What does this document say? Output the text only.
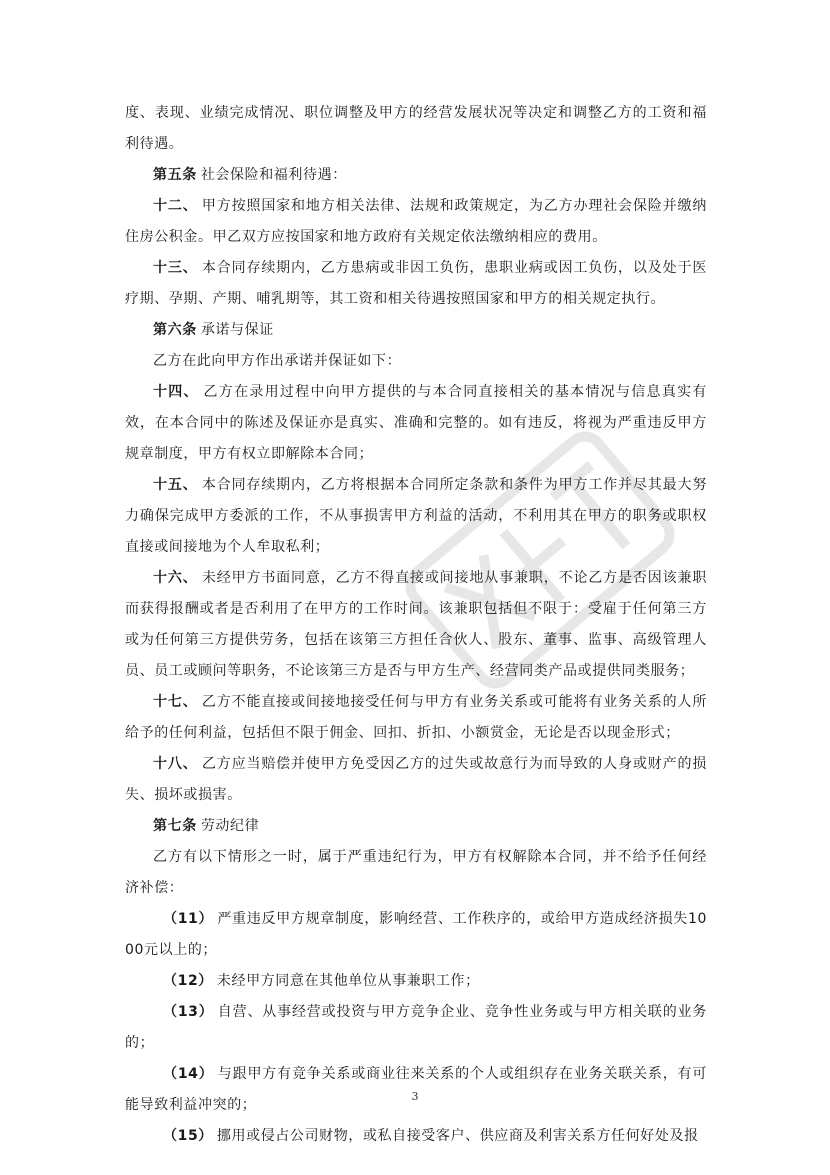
度、表现、业绩完成情况、职位调整及甲方的经营发展状况等决定和调整乙方的工资和福利待遇。

第五条 社会保险和福利待遇：

十二、 甲方按照国家和地方相关法律、法规和政策规定，为乙方办理社会保险并缴纳住房公积金。甲乙双方应按国家和地方政府有关规定依法缴纳相应的费用。

十三、 本合同存续期内，乙方患病或非因工负伤，患职业病或因工负伤，以及处于医疗期、孕期、产期、哺乳期等，其工资和相关待遇按照国家和甲方的相关规定执行。

第六条 承诺与保证

乙方在此向甲方作出承诺并保证如下：

十四、 乙方在录用过程中向甲方提供的与本合同直接相关的基本情况与信息真实有效，在本合同中的陈述及保证亦是真实、准确和完整的。如有违反，将视为严重违反甲方规章制度，甲方有权立即解除本合同；

十五、 本合同存续期内，乙方将根据本合同所定条款和条件为甲方工作并尽其最大努力确保完成甲方委派的工作，不从事损害甲方利益的活动，不利用其在甲方的职务或职权直接或间接地为个人牟取私利；

十六、 未经甲方书面同意，乙方不得直接或间接地从事兼职，不论乙方是否因该兼职而获得报酬或者是否利用了在甲方的工作时间。该兼职包括但不限于：受雇于任何第三方或为任何第三方提供劳务，包括在该第三方担任合伙人、股东、董事、监事、高级管理人员、员工或顾问等职务，不论该第三方是否与甲方生产、经营同类产品或提供同类服务；

十七、 乙方不能直接或间接地接受任何与甲方有业务关系或可能将有业务关系的人所给予的任何利益，包括但不限于佣金、回扣、折扣、小额赏金，无论是否以现金形式；

十八、 乙方应当赔偿并使甲方免受因乙方的过失或故意行为而导致的人身或财产的损失、损坏或损害。

第七条 劳动纪律

乙方有以下情形之一时，属于严重违纪行为，甲方有权解除本合同，并不给予任何经济补偿：

（11） 严重违反甲方规章制度，影响经营、工作秩序的，或给甲方造成经济损失1000元以上的；

（12） 未经甲方同意在其他单位从事兼职工作；

（13） 自营、从事经营或投资与甲方竞争企业、竞争性业务或与甲方相关联的业务的；

（14） 与跟甲方有竞争关系或商业往来关系的个人或组织存在业务关联关系，有可能导致利益冲突的；

（15） 挪用或侵占公司财物，或私自接受客户、供应商及利害关系方任何好处及报

3
